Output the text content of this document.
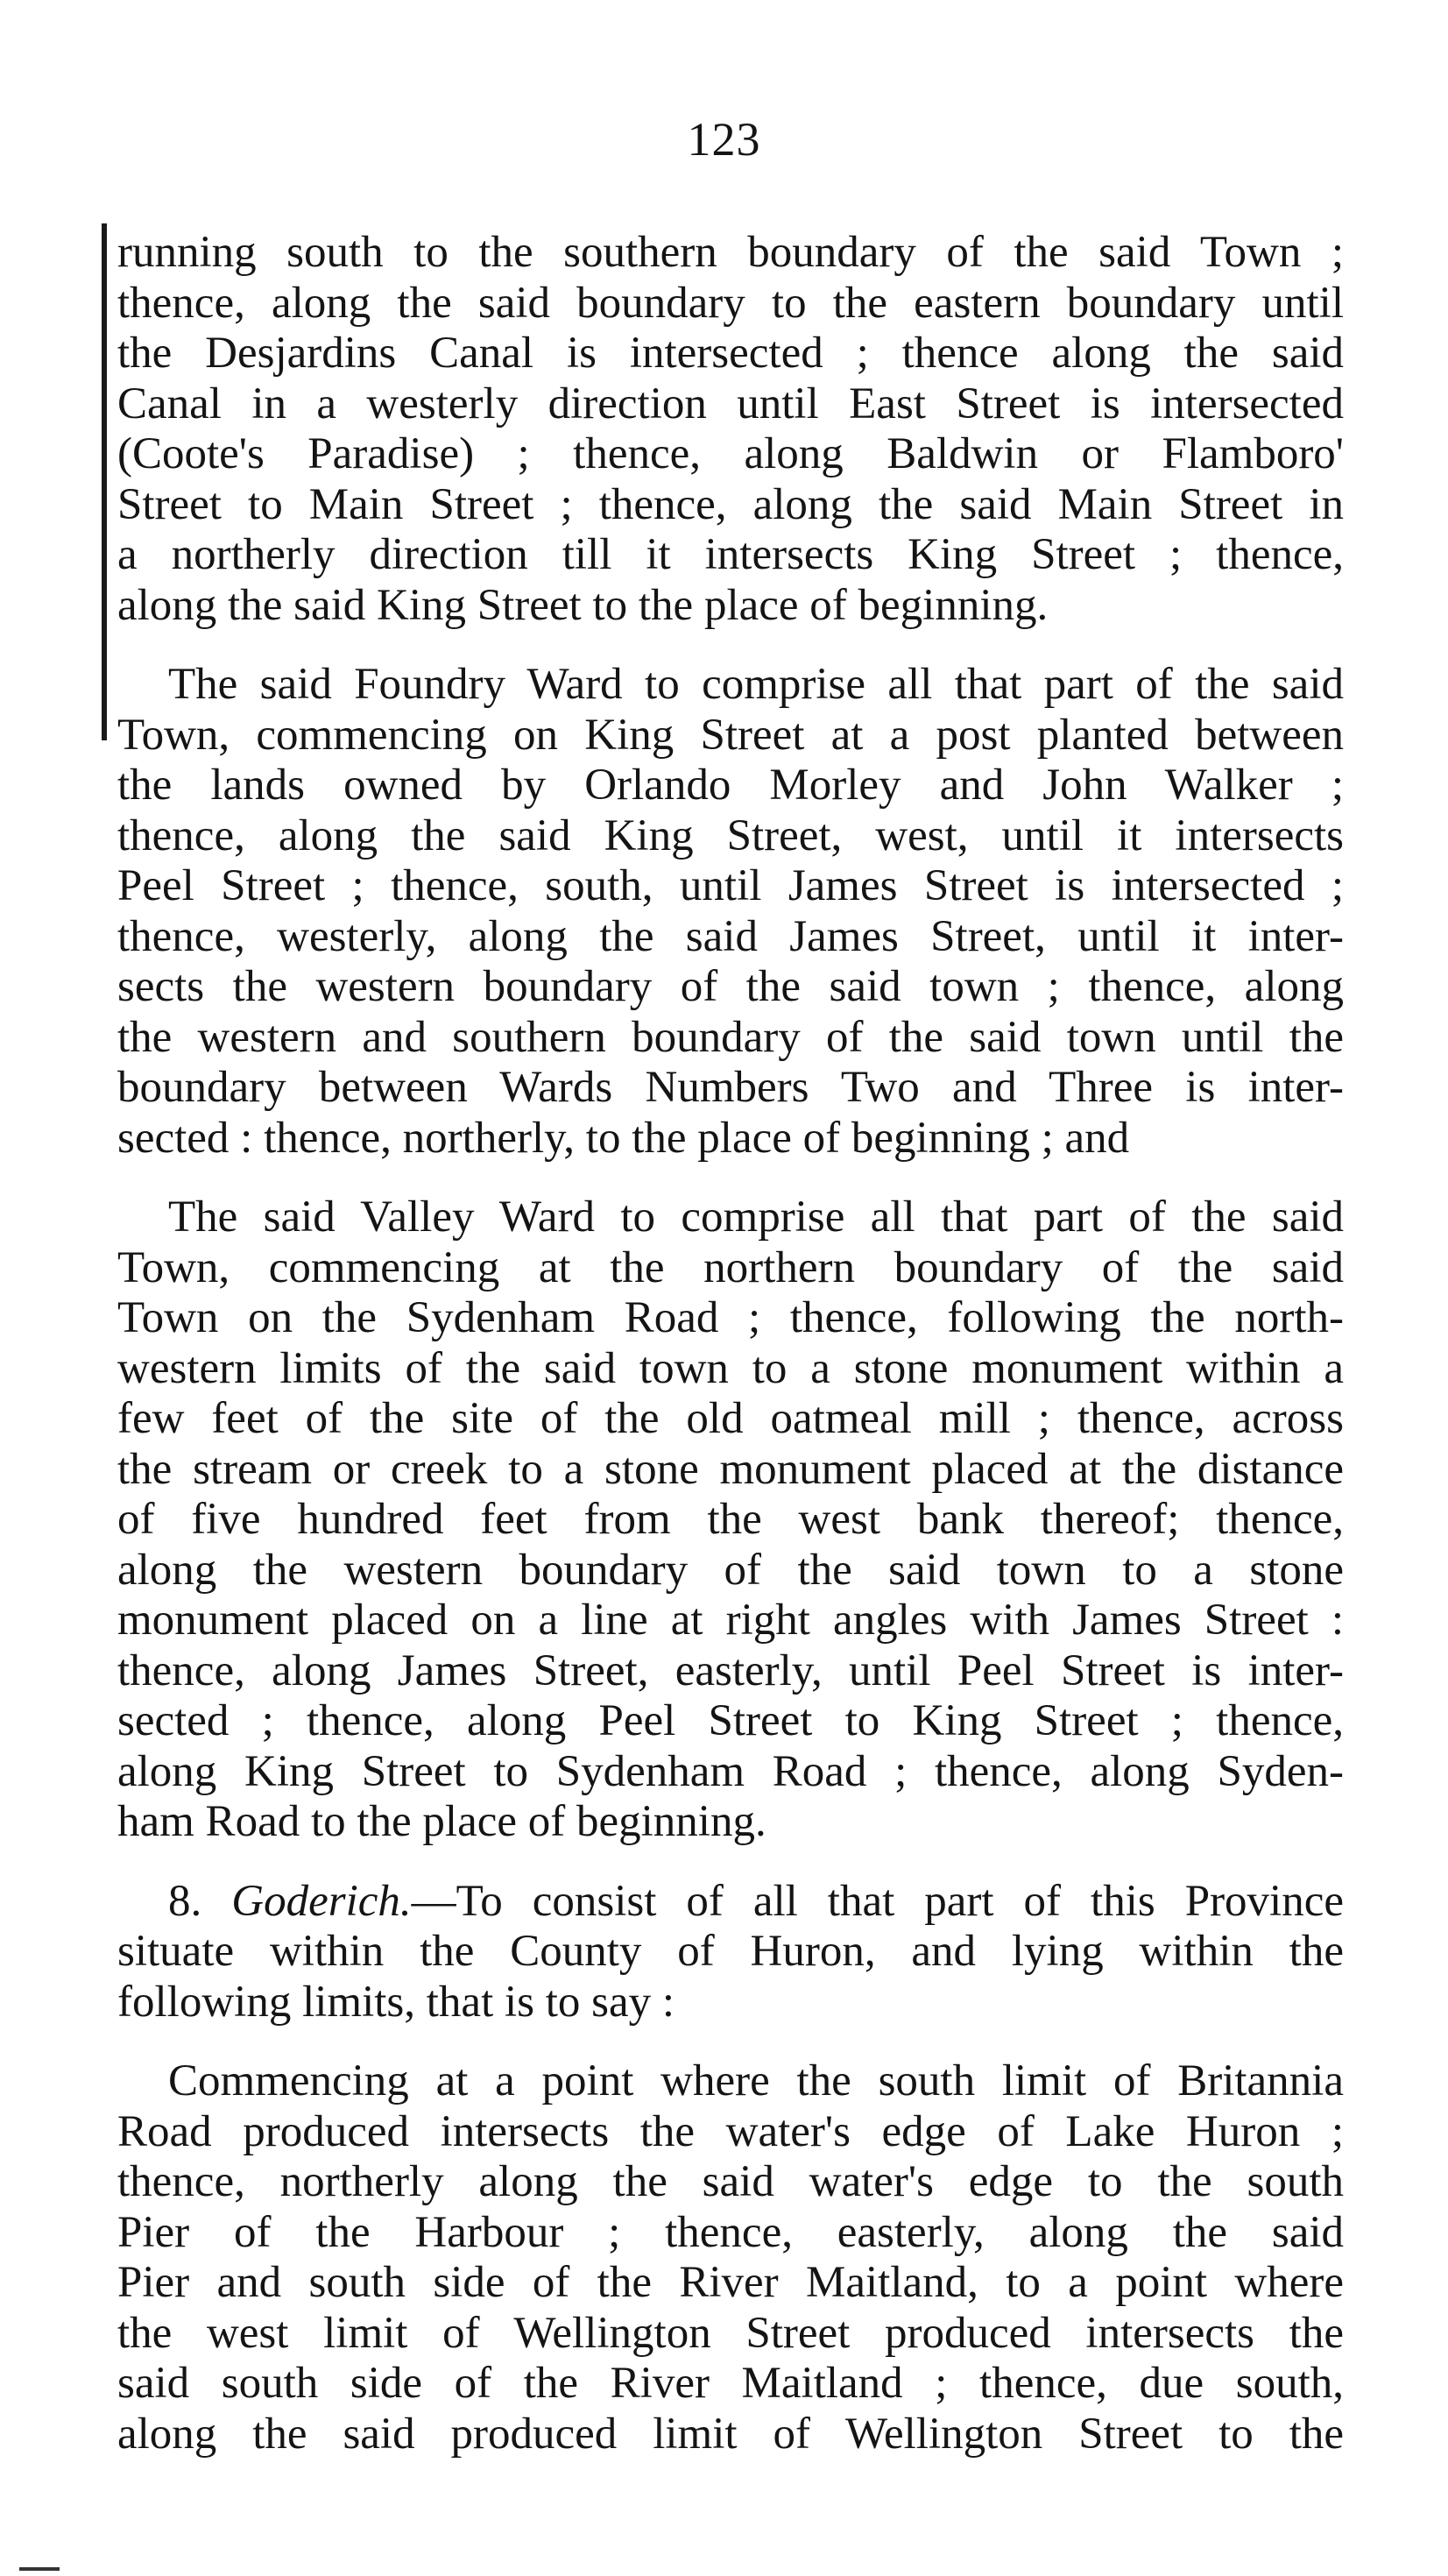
123

running south to the southern boundary of the said Town ;
thence, along the said boundary to the eastern boundary until
the Desjardins Canal is intersected ; thence along the said
Canal in a westerly direction until East Street is intersected
(Coote's Paradise) ; thence, along Baldwin or Flamboro'
Street to Main Street ; thence, along the said Main Street in
a northerly direction till it intersects King Street ; thence,
along the said King Street to the place of beginning.

The said Foundry Ward to comprise all that part of the said
Town, commencing on King Street at a post planted between
the lands owned by Orlando Morley and John Walker ;
thence, along the said King Street, west, until it intersects
Peel Street ; thence, south, until James Street is intersected ;
thence, westerly, along the said James Street, until it inter-
sects the western boundary of the said town ; thence, along
the western and southern boundary of the said town until the
boundary between Wards Numbers Two and Three is inter-
sected : thence, northerly, to the place of beginning ; and

The said Valley Ward to comprise all that part of the said
Town, commencing at the northern boundary of the said
Town on the Sydenham Road ; thence, following the north-
western limits of the said town to a stone monument within a
few feet of the site of the old oatmeal mill ; thence, across
the stream or creek to a stone monument placed at the distance
of five hundred feet from the west bank thereof; thence,
along the western boundary of the said town to a stone
monument placed on a line at right angles with James Street :
thence, along James Street, easterly, until Peel Street is inter-
sected ; thence, along Peel Street to King Street ; thence,
along King Street to Sydenham Road ; thence, along Syden-
ham Road to the place of beginning.

8. Goderich.—To consist of all that part of this Province
situate within the County of Huron, and lying within the
following limits, that is to say :

Commencing at a point where the south limit of Britannia
Road produced intersects the water's edge of Lake Huron ;
thence, northerly along the said water's edge to the south
Pier of the Harbour ; thence, easterly, along the said
Pier and south side of the River Maitland, to a point where
the west limit of Wellington Street produced intersects the
said south side of the River Maitland ; thence, due south,
along the said produced limit of Wellington Street to the
